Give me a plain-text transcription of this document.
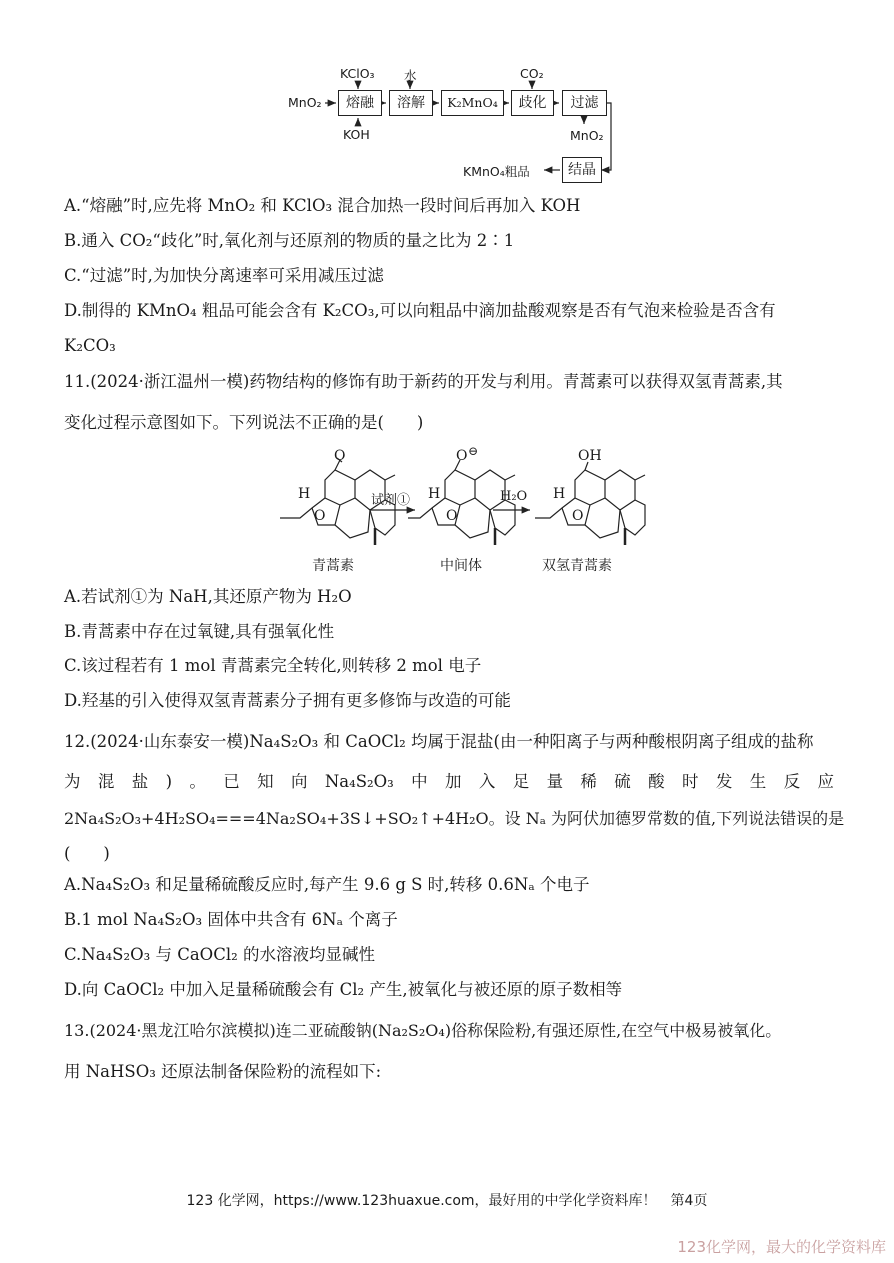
MnO₂
KClO₃ 水	CO₂
KOH
熔融	溶解	K₂MnO₄	歧化	过滤
结晶
MnO₂
KMnO₄粗品
A.“熔融”时,应先将 MnO₂ 和 KClO₃ 混合加热一段时间后再加入 KOH
B.通入 CO₂“歧化”时,氧化剂与还原剂的物质的量之比为 2∶1
C.“过滤”时,为加快分离速率可采用减压过滤
D.制得的 KMnO₄ 粗品可能会含有 K₂CO₃,可以向粗品中滴加盐酸观察是否有气泡来检验是否含有
K₂CO₃
11.(2024·浙江温州一模)药物结构的修饰有助于新药的开发与利用。青蒿素可以获得双氢青蒿素,其
变化过程示意图如下。下列说法不正确的是(　　)
O
H
O
试剂①
O ⊖
H
O
H₂O
OH
H
O
青蒿素	中间体	双氢青蒿素
A.若试剂①为 NaH,其还原产物为 H₂O
B.青蒿素中存在过氧键,具有强氧化性
C.该过程若有 1 mol 青蒿素完全转化,则转移 2 mol 电子
D.羟基的引入使得双氢青蒿素分子拥有更多修饰与改造的可能
12.(2024·山东泰安一模)Na₄S₂O₃ 和 CaOCl₂ 均属于混盐(由一种阳离子与两种酸根阴离子组成的盐称
为 混 盐 ) 。 已 知 向 Na₄S₂O₃ 中 加 入 足 量 稀 硫 酸 时 发 生 反 应
2Na₄S₂O₃+4H₂SO₄===4Na₂SO₄+3S↓+SO₂↑+4H₂O。设 Nₐ 为阿伏加德罗常数的值,下列说法错误的是
(　　)
A.Na₄S₂O₃ 和足量稀硫酸反应时,每产生 9.6 g S 时,转移 0.6Nₐ 个电子
B.1 mol Na₄S₂O₃ 固体中共含有 6Nₐ 个离子
C.Na₄S₂O₃ 与 CaOCl₂ 的水溶液均显碱性
D.向 CaOCl₂ 中加入足量稀硫酸会有 Cl₂ 产生,被氧化与被还原的原子数相等
13.(2024·黑龙江哈尔滨模拟)连二亚硫酸钠(Na₂S₂O₄)俗称保险粉,有强还原性,在空气中极易被氧化。
用 NaHSO₃ 还原法制备保险粉的流程如下:
123 化学网，https://www.123huaxue.com，最好用的中学化学资料库！　第4页
123化学网，最大的化学资料库
